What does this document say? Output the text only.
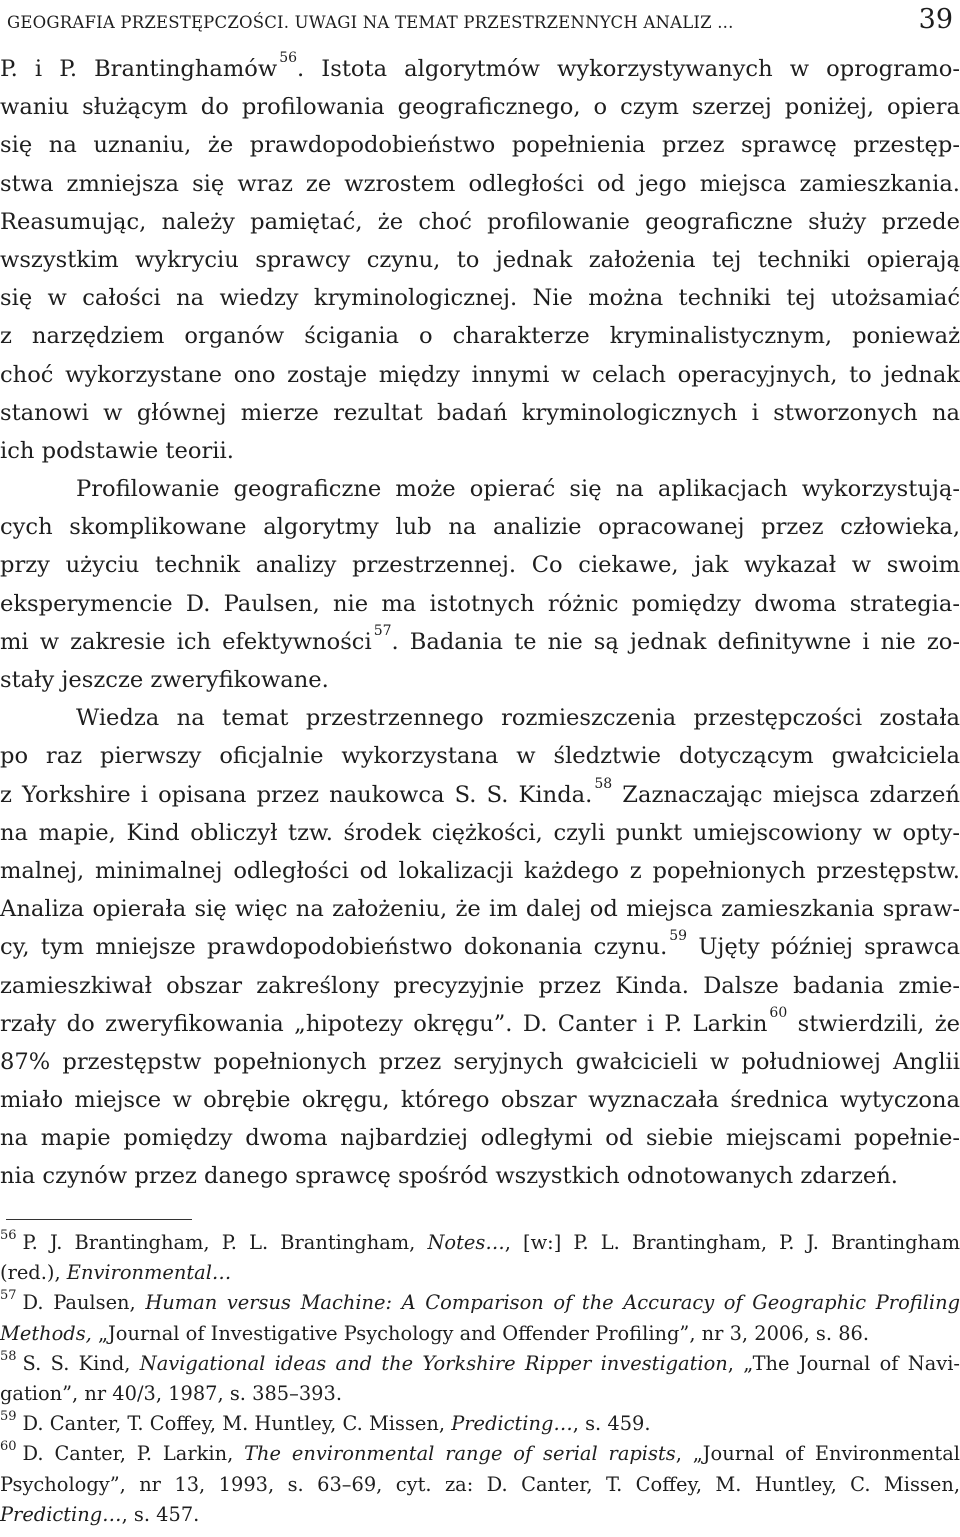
GEOGRAFIA PRZESTĘPCZOŚCI. UWAGI NA TEMAT PRZESTRZENNYCH ANALIZ ...	39
P. i P. Brantinghamów $^{56}$. Istota algorytmów wykorzystywanych w oprogramo-
waniu służącym do profilowania geograficznego, o czym szerzej poniżej, opiera
się na uznaniu, że prawdopodobieństwo popełnienia przez sprawcę przestęp-
stwa zmniejsza się wraz ze wzrostem odległości od jego miejsca zamieszkania.
Reasumując, należy pamiętać, że choć profilowanie geograficzne służy przede
wszystkim wykryciu sprawcy czynu, to jednak założenia tej techniki opierają
się w całości na wiedzy kryminologicznej. Nie można techniki tej utożsamiać
z narzędziem organów ścigania o charakterze kryminalistycznym, ponieważ
choć wykorzystane ono zostaje między innymi w celach operacyjnych, to jednak
stanowi w głównej mierze rezultat badań kryminologicznych i stworzonych na
ich podstawie teorii.
Profilowanie geograficzne może opierać się na aplikacjach wykorzystują-
cych skomplikowane algorytmy lub na analizie opracowanej przez człowieka,
przy użyciu technik analizy przestrzennej. Co ciekawe, jak wykazał w swoim
eksperymencie D. Paulsen, nie ma istotnych różnic pomiędzy dwoma strategia-
mi w zakresie ich efektywności $^{57}$. Badania te nie są jednak definitywne i nie zo-
stały jeszcze zweryfikowane.
Wiedza na temat przestrzennego rozmieszczenia przestępczości została
po raz pierwszy oficjalnie wykorzystana w śledztwie dotyczącym gwałciciela
z Yorkshire i opisana przez naukowca S. S. Kinda. $^{58}$ Zaznaczając miejsca zdarzeń
na mapie, Kind obliczył tzw. środek ciężkości, czyli punkt umiejscowiony w opty-
malnej, minimalnej odległości od lokalizacji każdego z popełnionych przestępstw.
Analiza opierała się więc na założeniu, że im dalej od miejsca zamieszkania spraw-
cy, tym mniejsze prawdopodobieństwo dokonania czynu. $^{59}$ Ujęty później sprawca
zamieszkiwał obszar zakreślony precyzyjnie przez Kinda. Dalsze badania zmie-
rzały do zweryfikowania „hipotezy okręgu”. D. Canter i P. Larkin $^{60}$ stwierdzili, że
87% przestępstw popełnionych przez seryjnych gwałcicieli w południowej Anglii
miało miejsce w obrębie okręgu, którego obszar wyznaczała średnica wytyczona
na mapie pomiędzy dwoma najbardziej odległymi od siebie miejscami popełnie-
nia czynów przez danego sprawcę spośród wszystkich odnotowanych zdarzeń.
$^{56}$ P. J. Brantingham, P. L. Brantingham, Notes…, [w:] P. L. Brantingham, P. J. Brantingham
(red.), Environmental…
$^{57}$ D. Paulsen, Human versus Machine: A Comparison of the Accuracy of Geographic Profiling
Methods, „Journal of Investigative Psychology and Offender Profiling”, nr 3, 2006, s. 86.
$^{58}$ S. S. Kind, Navigational ideas and the Yorkshire Ripper investigation, „The Journal of Navi-
gation”, nr 40/3, 1987, s. 385–393.
$^{59}$ D. Canter, T. Coffey, M. Huntley, C. Missen, Predicting…, s. 459.
$^{60}$ D. Canter, P. Larkin, The environmental range of serial rapists, „Journal of Environmental
Psychology”, nr 13, 1993, s. 63–69, cyt. za: D. Canter, T. Coffey, M. Huntley, C. Missen,
Predicting…, s. 457.
